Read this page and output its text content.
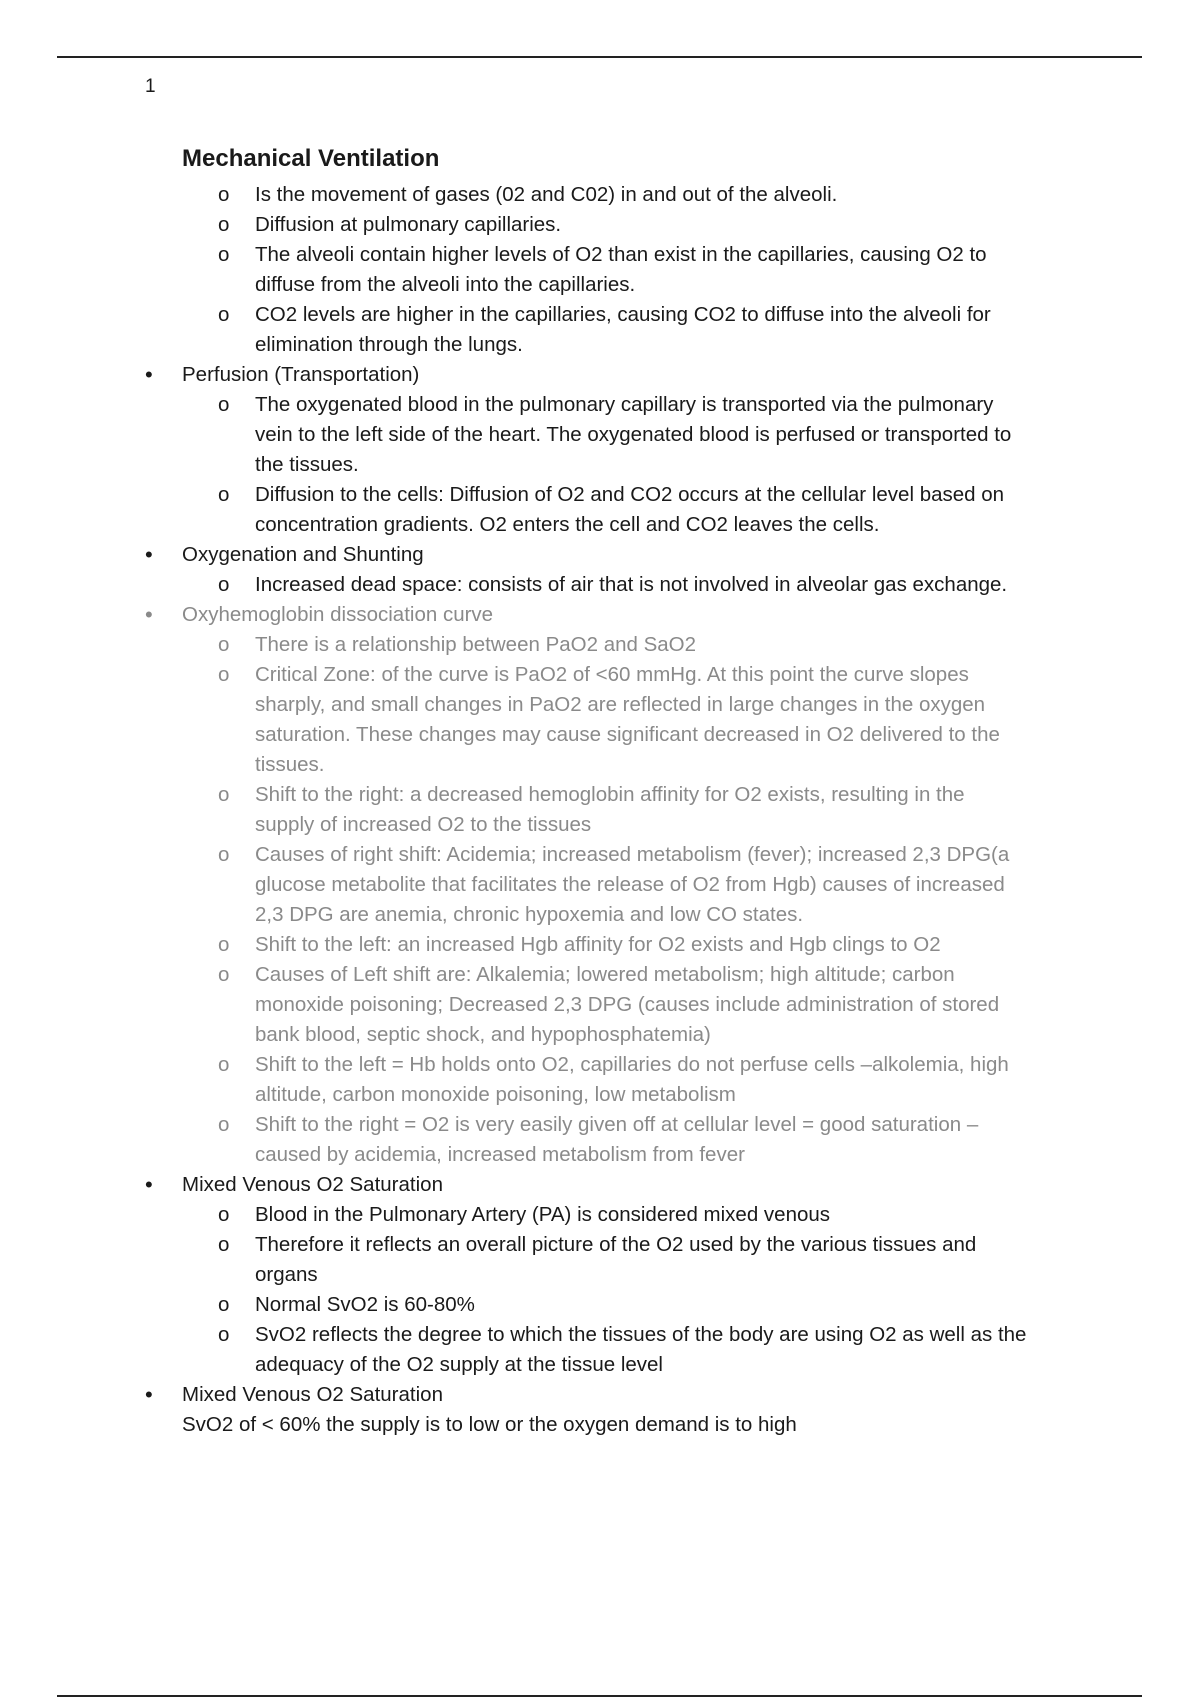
1
Mechanical Ventilation
o Is the movement of gases (02 and C02) in and out of the alveoli.
o Diffusion at pulmonary capillaries.
o The alveoli contain higher levels of O2 than exist in the capillaries, causing O2 to
diffuse from the alveoli into the capillaries.
o CO2 levels are higher in the capillaries, causing CO2 to diffuse into the alveoli for
elimination through the lungs.
• Perfusion (Transportation)
o The oxygenated blood in the pulmonary capillary is transported via the pulmonary
vein to the left side of the heart. The oxygenated blood is perfused or transported to
the tissues.
o Diffusion to the cells: Diffusion of O2 and CO2 occurs at the cellular level based on
concentration gradients. O2 enters the cell and CO2 leaves the cells.
• Oxygenation and Shunting
o Increased dead space: consists of air that is not involved in alveolar gas exchange.
• Oxyhemoglobin dissociation curve
o There is a relationship between PaO2 and SaO2
o Critical Zone: of the curve is PaO2 of <60 mmHg. At this point the curve slopes
sharply, and small changes in PaO2 are reflected in large changes in the oxygen
saturation. These changes may cause significant decreased in O2 delivered to the
tissues.
o Shift to the right: a decreased hemoglobin affinity for O2 exists, resulting in the
supply of increased O2 to the tissues
o Causes of right shift: Acidemia; increased metabolism (fever); increased 2,3 DPG(a
glucose metabolite that facilitates the release of O2 from Hgb) causes of increased
2,3 DPG are anemia, chronic hypoxemia and low CO states.
o Shift to the left: an increased Hgb affinity for O2 exists and Hgb clings to O2
o Causes of Left shift are: Alkalemia; lowered metabolism; high altitude; carbon
monoxide poisoning; Decreased 2,3 DPG (causes include administration of stored
bank blood, septic shock, and hypophosphatemia)
o Shift to the left = Hb holds onto O2, capillaries do not perfuse cells –alkolemia, high
altitude, carbon monoxide poisoning, low metabolism
o Shift to the right = O2 is very easily given off at cellular level = good saturation –
caused by acidemia, increased metabolism from fever
• Mixed Venous O2 Saturation
o Blood in the Pulmonary Artery (PA) is considered mixed venous
o Therefore it reflects an overall picture of the O2 used by the various tissues and
organs
o Normal SvO2 is 60-80%
o SvO2 reflects the degree to which the tissues of the body are using O2 as well as the
adequacy of the O2 supply at the tissue level
• Mixed Venous O2 Saturation
SvO2 of < 60% the supply is to low or the oxygen demand is to high
